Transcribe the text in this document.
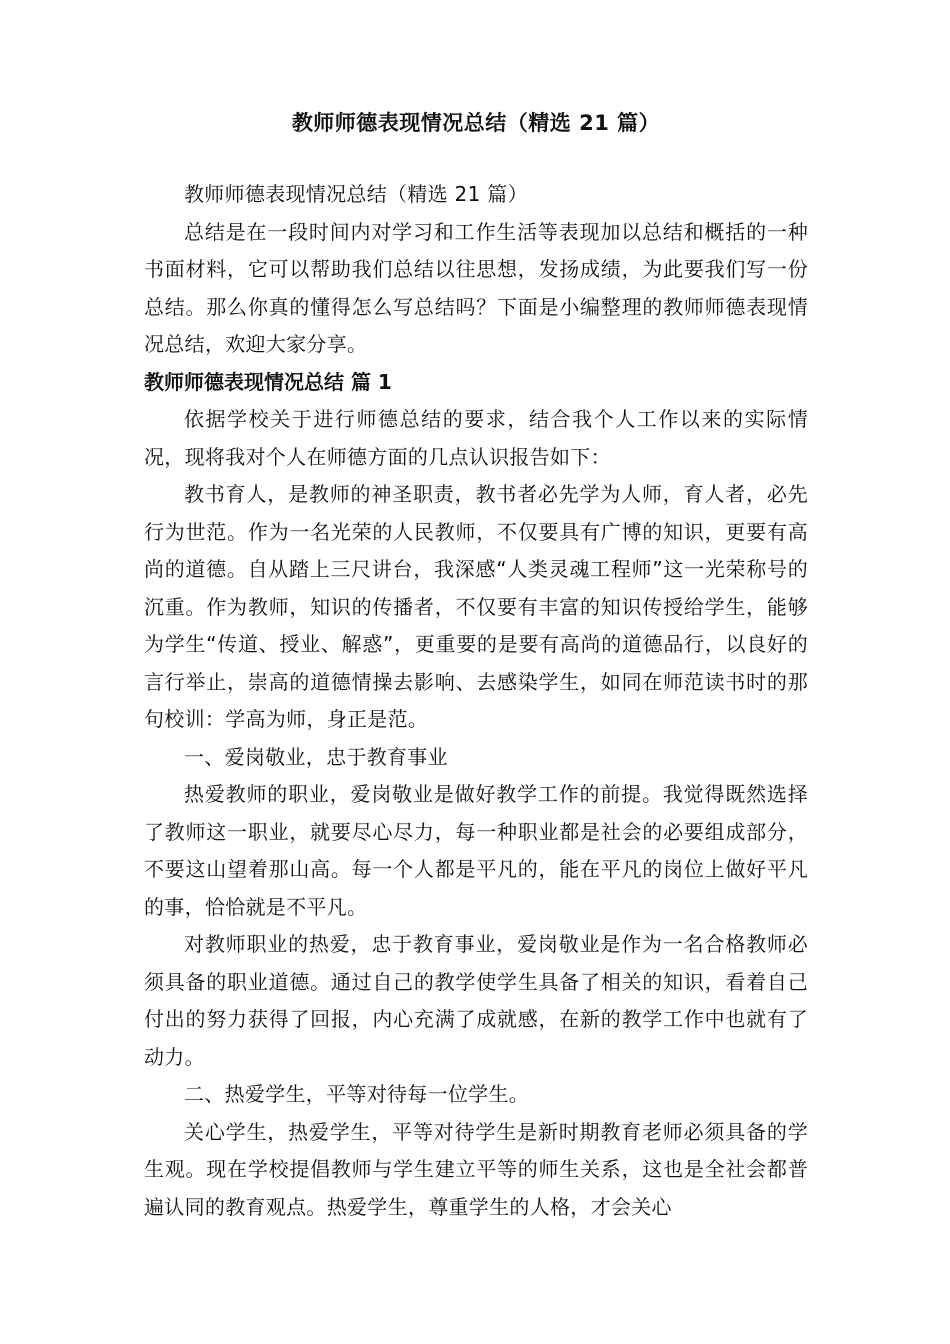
教师师德表现情况总结（精选 21 篇）

教师师德表现情况总结（精选 21 篇）

总结是在一段时间内对学习和工作生活等表现加以总结和概括的一种书面材料，它可以帮助我们总结以往思想，发扬成绩，为此要我们写一份总结。那么你真的懂得怎么写总结吗？下面是小编整理的教师师德表现情况总结，欢迎大家分享。

教师师德表现情况总结 篇 1

依据学校关于进行师德总结的要求，结合我个人工作以来的实际情况，现将我对个人在师德方面的几点认识报告如下：

教书育人，是教师的神圣职责，教书者必先学为人师，育人者，必先行为世范。作为一名光荣的人民教师，不仅要具有广博的知识，更要有高尚的道德。自从踏上三尺讲台，我深感“人类灵魂工程师”这一光荣称号的沉重。作为教师，知识的传播者，不仅要有丰富的知识传授给学生，能够为学生“传道、授业、解惑”，更重要的是要有高尚的道德品行，以良好的言行举止，崇高的道德情操去影响、去感染学生，如同在师范读书时的那句校训：学高为师，身正是范。

一、爱岗敬业，忠于教育事业

热爱教师的职业，爱岗敬业是做好教学工作的前提。我觉得既然选择了教师这一职业，就要尽心尽力，每一种职业都是社会的必要组成部分，不要这山望着那山高。每一个人都是平凡的，能在平凡的岗位上做好平凡的事，恰恰就是不平凡。

对教师职业的热爱，忠于教育事业，爱岗敬业是作为一名合格教师必须具备的职业道德。通过自己的教学使学生具备了相关的知识，看着自己付出的努力获得了回报，内心充满了成就感，在新的教学工作中也就有了动力。

二、热爱学生，平等对待每一位学生。

关心学生，热爱学生，平等对待学生是新时期教育老师必须具备的学生观。现在学校提倡教师与学生建立平等的师生关系，这也是全社会都普遍认同的教育观点。热爱学生，尊重学生的人格，才会关心
